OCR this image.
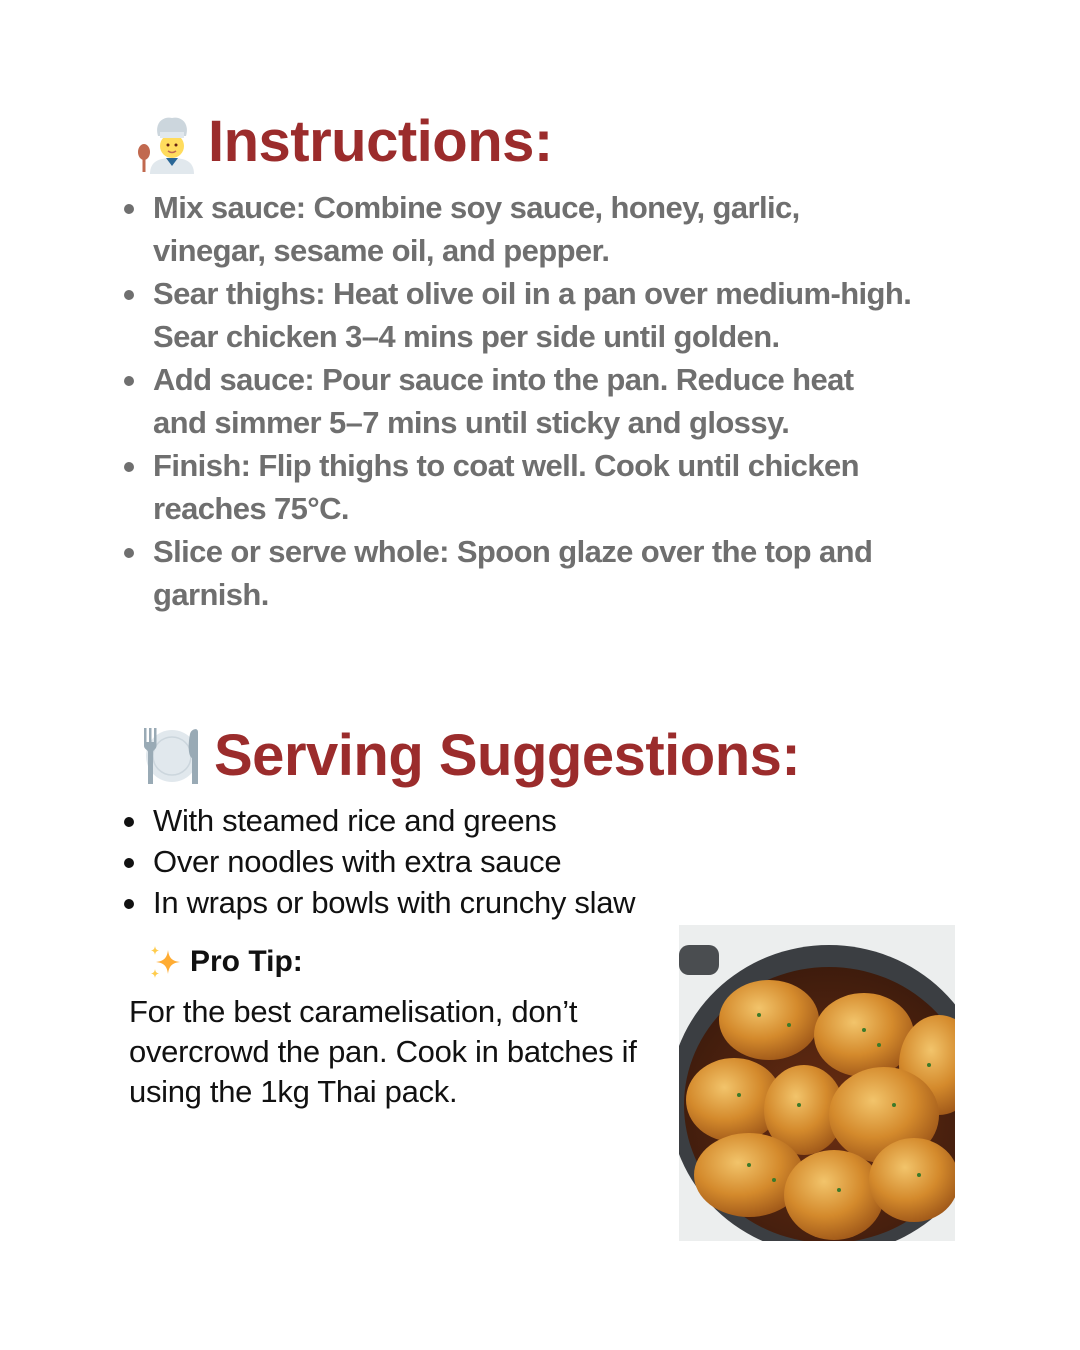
Instructions:
Mix sauce: Combine soy sauce, honey, garlic, vinegar, sesame oil, and pepper.
Sear thighs: Heat olive oil in a pan over medium-high. Sear chicken 3–4 mins per side until golden.
Add sauce: Pour sauce into the pan. Reduce heat and simmer 5–7 mins until sticky and glossy.
Finish: Flip thighs to coat well. Cook until chicken reaches 75°C.
Slice or serve whole: Spoon glaze over the top and garnish.
Serving Suggestions:
With steamed rice and greens
Over noodles with extra sauce
In wraps or bowls with crunchy slaw
Pro Tip:
For the best caramelisation, don’t overcrowd the pan. Cook in batches if using the 1kg Thai pack.
